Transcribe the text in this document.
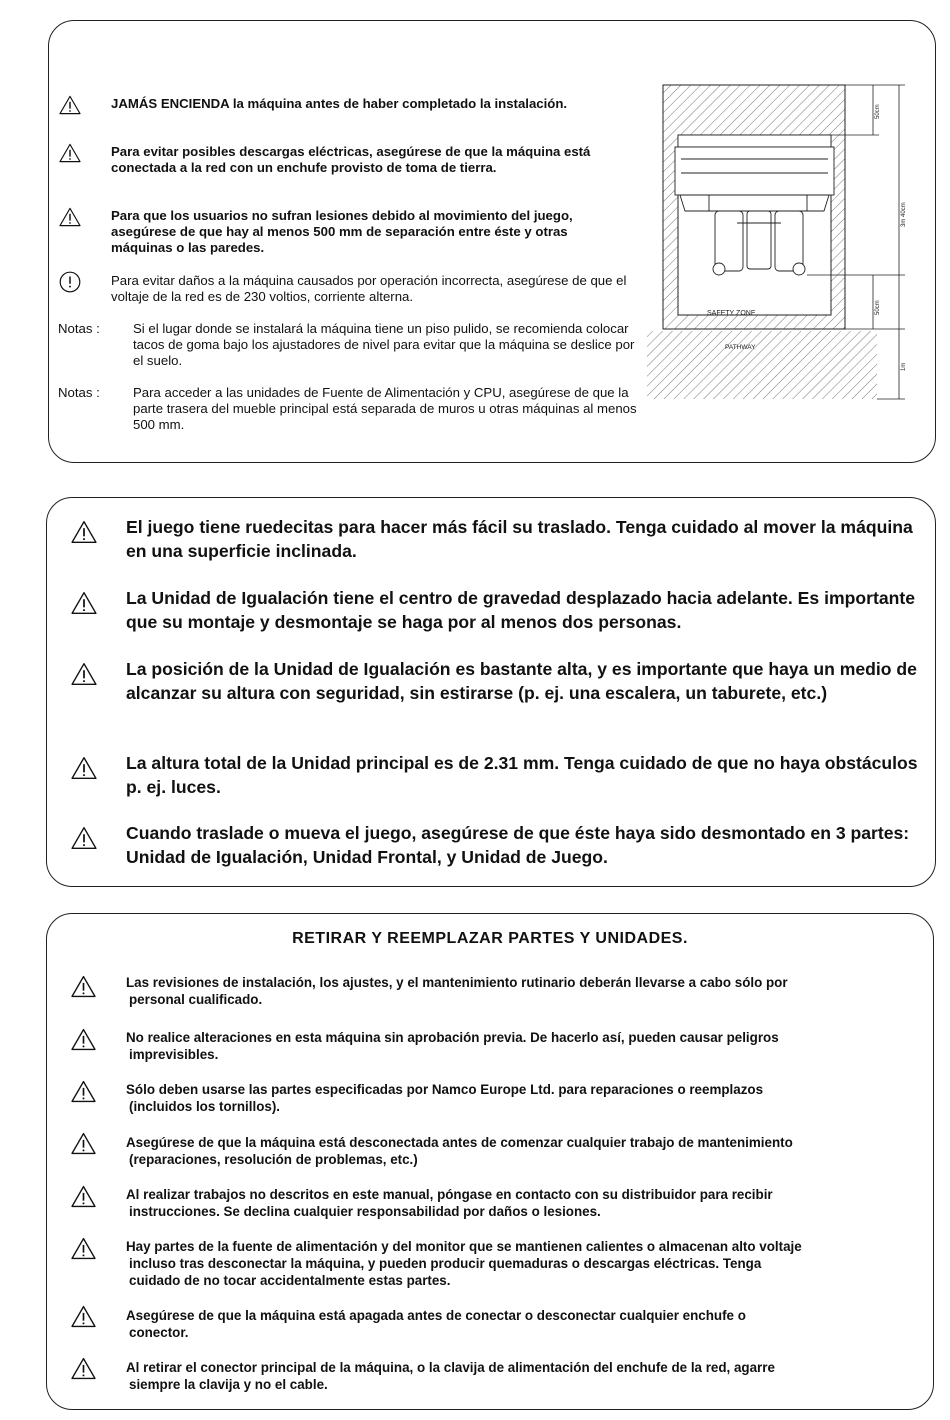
JAMÁS ENCIENDA la máquina antes de haber completado la instalación.
Para evitar posibles descargas eléctricas, asegúrese de que la máquina está conectada a la red con un enchufe provisto de toma de tierra.
Para que los usuarios no sufran lesiones debido al movimiento del juego, asegúrese de que hay al menos 500 mm de separación entre éste y otras máquinas o las paredes.
Para evitar daños a la máquina causados por operación incorrecta, asegúrese de que el voltaje de la red es de 230 voltios, corriente alterna.
Notas :	Si el lugar donde se instalará la máquina tiene un piso pulido, se recomienda colocar tacos de goma bajo los ajustadores de nivel para evitar que la máquina se deslice por el suelo.
Notas :	Para acceder a las unidades de Fuente de Alimentación y CPU, asegúrese de que la parte trasera del mueble principal está separada de muros u otras máquinas al menos 500 mm.
SAFETY ZONE
PATHWAY
50cm
3m 40cm
50cm
1m
El juego tiene ruedecitas para hacer más fácil su traslado. Tenga cuidado al mover la máquina en una superficie inclinada.
La Unidad de Igualación tiene el centro de gravedad desplazado hacia adelante. Es importante que su montaje y desmontaje se haga por al menos dos personas.
La posición de la Unidad de Igualación es bastante alta, y es importante que haya un medio de alcanzar su altura con seguridad, sin estirarse (p. ej. una escalera, un taburete, etc.)
La altura total de la Unidad principal es de 2.31 mm. Tenga cuidado de que no haya obstáculos p. ej. luces.
Cuando traslade o mueva el juego, asegúrese de que éste haya sido desmontado en 3 partes: Unidad de Igualación, Unidad Frontal, y Unidad de Juego.
RETIRAR Y REEMPLAZAR PARTES Y UNIDADES.
Las revisiones de instalación, los ajustes, y el mantenimiento rutinario deberán llevarse a cabo sólo por
personal cualificado.
No realice alteraciones en esta máquina sin aprobación previa. De hacerlo así, pueden causar peligros
imprevisibles.
Sólo deben usarse las partes especificadas por Namco Europe Ltd. para reparaciones o reemplazos
(incluidos los tornillos).
Asegúrese de que la máquina está desconectada antes de comenzar cualquier trabajo de mantenimiento
(reparaciones, resolución de problemas, etc.)
Al realizar trabajos no descritos en este manual, póngase en contacto con su distribuidor para recibir
instrucciones. Se declina cualquier responsabilidad por daños o lesiones.
Hay partes de la fuente de alimentación y del monitor que se mantienen calientes o almacenan alto voltaje
incluso tras desconectar la máquina, y pueden producir quemaduras o descargas eléctricas. Tenga
cuidado de no tocar accidentalmente estas partes.
Asegúrese de que la máquina está apagada antes de conectar o desconectar cualquier enchufe o
conector.
Al retirar el conector principal de la máquina, o la clavija de alimentación del enchufe de la red, agarre
siempre la clavija y no el cable.
